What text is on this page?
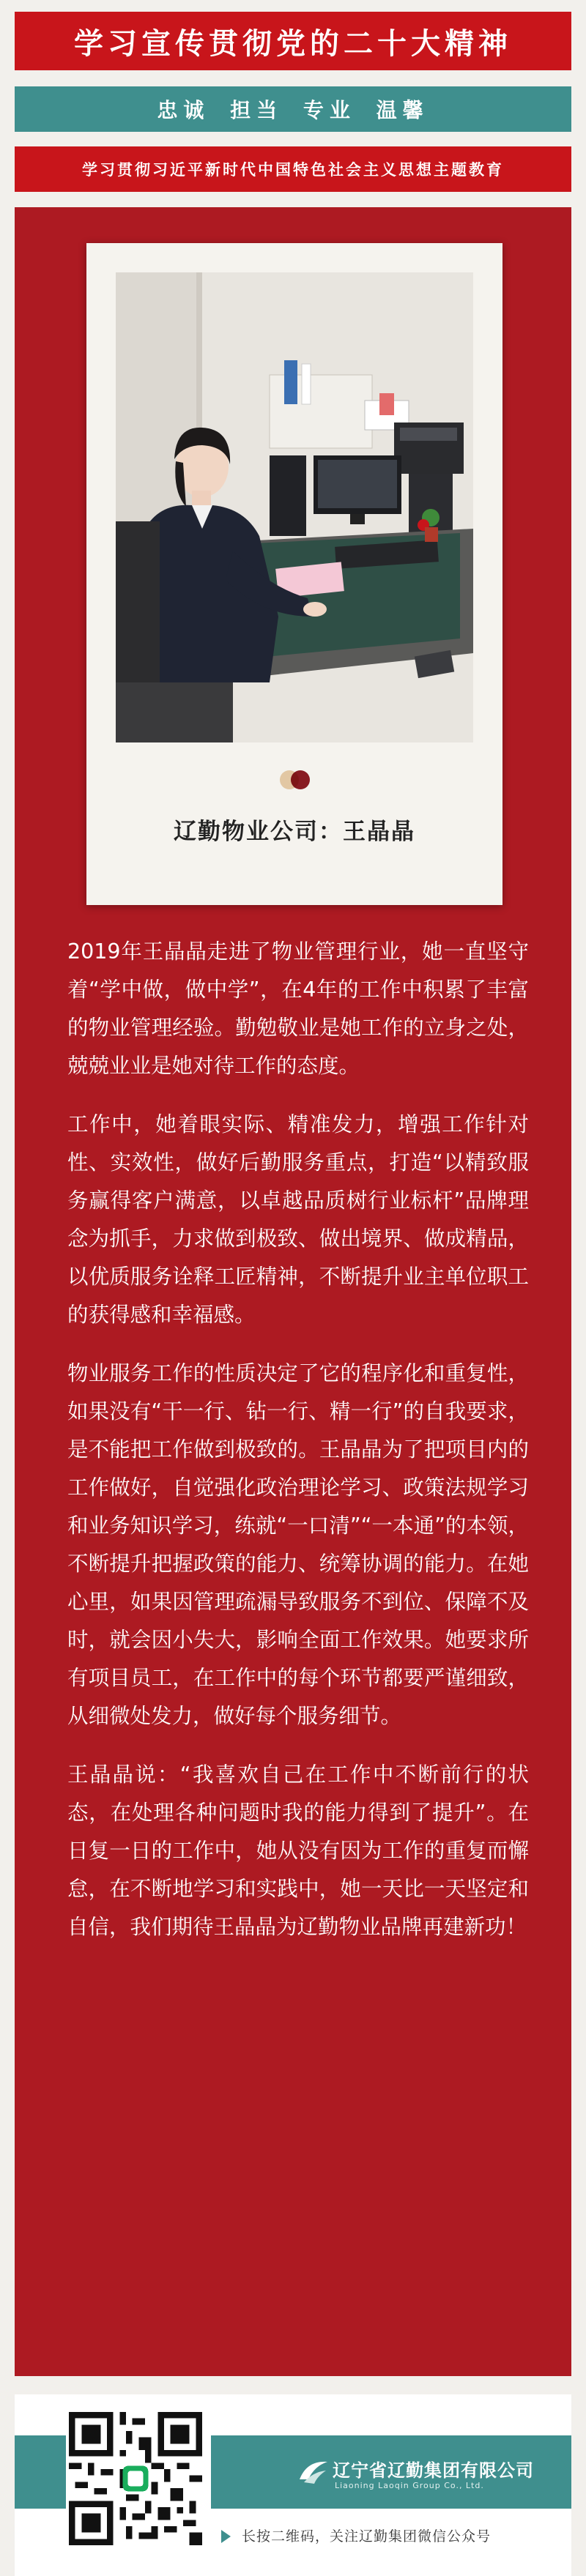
学习宣传贯彻党的二十大精神
忠诚 担当 专业 温馨
学习贯彻习近平新时代中国特色社会主义思想主题教育
辽勤物业公司：王晶晶

2019年王晶晶走进了物业管理行业，她一直坚守着“学中做，做中学”，在4年的工作中积累了丰富的物业管理经验。勤勉敬业是她工作的立身之处，兢兢业业是她对待工作的态度。

工作中，她着眼实际、精准发力，增强工作针对性、实效性，做好后勤服务重点，打造“以精致服务赢得客户满意，以卓越品质树行业标杆”品牌理念为抓手，力求做到极致、做出境界、做成精品，以优质服务诠释工匠精神，不断提升业主单位职工的获得感和幸福感。

物业服务工作的性质决定了它的程序化和重复性，如果没有“干一行、钻一行、精一行”的自我要求，是不能把工作做到极致的。王晶晶为了把项目内的工作做好，自觉强化政治理论学习、政策法规学习和业务知识学习，练就“一口清”“一本通”的本领，不断提升把握政策的能力、统筹协调的能力。在她心里，如果因管理疏漏导致服务不到位、保障不及时，就会因小失大，影响全面工作效果。她要求所有项目员工，在工作中的每个环节都要严谨细致，从细微处发力，做好每个服务细节。

王晶晶说：“我喜欢自己在工作中不断前行的状态，在处理各种问题时我的能力得到了提升”。在日复一日的工作中，她从没有因为工作的重复而懈怠，在不断地学习和实践中，她一天比一天坚定和自信，我们期待王晶晶为辽勤物业品牌再建新功！

辽宁省辽勤集团有限公司
Liaoning Laoqin Group Co., Ltd.
长按二维码，关注辽勤集团微信公众号
